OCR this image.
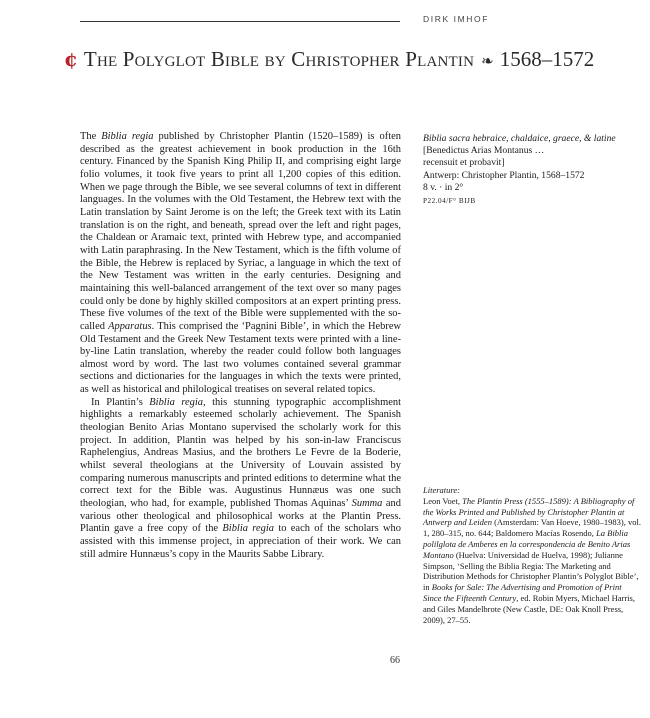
DIRK IMHOF
¢ The Polyglot Bible by Christopher Plantin ❧ 1568–1572

The Biblia regia published by Christopher Plantin (1520–1589) is often described as the greatest achievement in book production in the 16th century. Financed by the Spanish King Philip II, and comprising eight large folio volumes, it took five years to print all 1,200 copies of this edition. When we page through the Bible, we see several columns of text in different languages. In the volumes with the Old Testament, the Hebrew text with the Latin translation by Saint Jerome is on the left; the Greek text with its Latin translation is on the right, and beneath, spread over the left and right pages, the Chaldean or Aramaic text, printed with Hebrew type, and accompanied with Latin paraphrasing. In the New Testament, which is the fifth volume of the Bible, the Hebrew is replaced by Syriac, a language in which the text of the New Testament was written in the early centuries. Designing and maintaining this well-balanced arrangement of the text over so many pages could only be done by highly skilled compositors at an expert printing press. These five volumes of the text of the Bible were supplemented with the so-called Apparatus. This comprised the ‘Pagnini Bible’, in which the Hebrew Old Testament and the Greek New Testament texts were printed with a line-by-line Latin translation, whereby the reader could follow both languages almost word by word. The last two volumes contained several grammar sections and dictionaries for the languages in which the texts were printed, as well as historical and philological treatises on several related topics.

In Plantin’s Biblia regia, this stunning typographic accomplishment highlights a remarkably esteemed scholarly achievement. The Spanish theologian Benito Arias Montano supervised the scholarly work for this project. In addition, Plantin was helped by his son-in-law Franciscus Raphelengius, Andreas Masius, and the brothers Le Fevre de la Boderie, whilst several theologians at the University of Louvain assisted by comparing numerous manuscripts and printed editions to determine what the correct text for the Bible was. Augustinus Hunnæus was one such theologian, who had, for example, published Thomas Aquinas’ Summa and various other theological and philosophical works at the Plantin Press. Plantin gave a free copy of the Biblia regia to each of the scholars who assisted with this immense project, in appreciation of their work. We can still admire Hunnæus’s copy in the Maurits Sabbe Library.

Biblia sacra hebraice, chaldaice, graece, & latine
[Benedictus Arias Montanus …
recensuit et probavit]
Antwerp: Christopher Plantin, 1568–1572
8 v. · in 2°
P22.04/F° BIJB
Literature:
Leon Voet, The Plantin Press (1555–1589): A Bibliography of the Works Printed and Published by Christopher Plantin at Antwerp and Leiden (Amsterdam: Van Hoeve, 1980–1983), vol. 1, 280–315, no. 644; Baldomero Macías Rosendo, La Biblia polilglota de Amberes en la correspondencia de Benito Arias Montano (Huelva: Universidad de Huelva, 1998); Julianne Simpson, ‘Selling the Biblia Regia: The Marketing and Distribution Methods for Christopher Plantin’s Polyglot Bible’, in Books for Sale: The Advertising and Promotion of Print Since the Fifteenth Century, ed. Robin Myers, Michael Harris, and Giles Mandelbrote (New Castle, DE: Oak Knoll Press, 2009), 27–55.
66
